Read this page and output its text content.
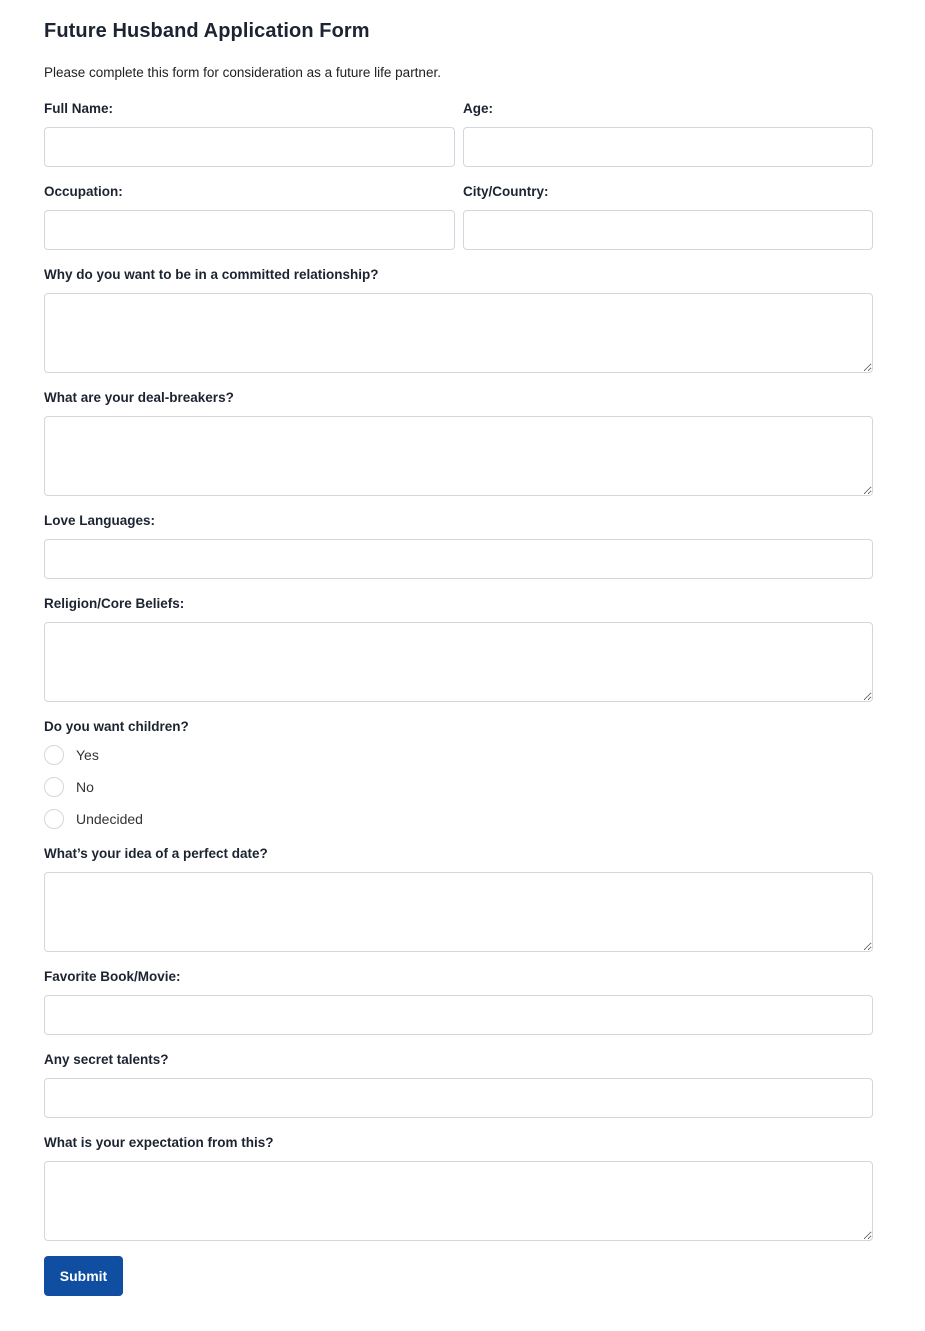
Future Husband Application Form

Please complete this form for consideration as a future life partner.

Full Name:	Age:
Occupation:	City/Country:
Why do you want to be in a committed relationship?
What are your deal-breakers?
Love Languages:
Religion/Core Beliefs:
Do you want children?
Yes
No
Undecided
What’s your idea of a perfect date?
Favorite Book/Movie:
Any secret talents?
What is your expectation from this?
Submit
